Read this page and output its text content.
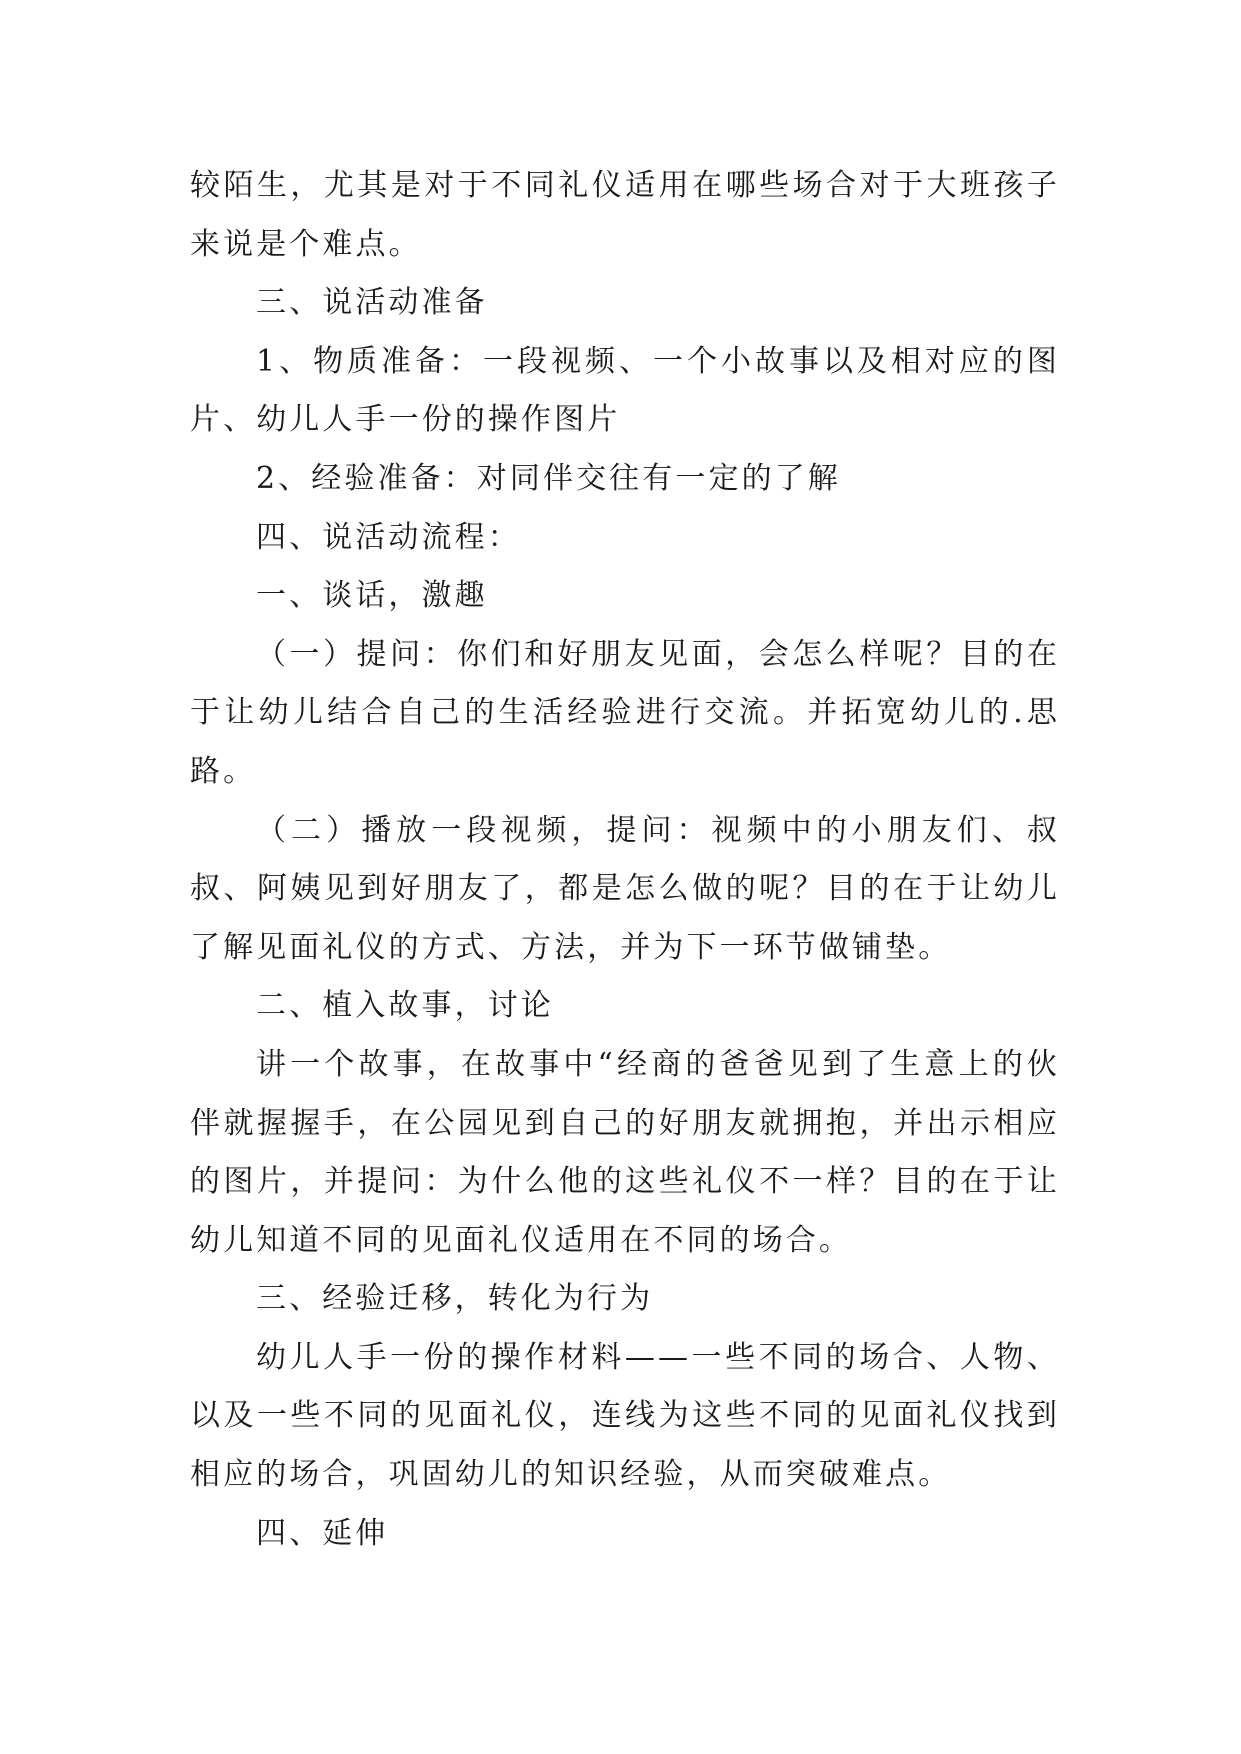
较陌生，尤其是对于不同礼仪适用在哪些场合对于大班孩子来说是个难点。

三、说活动准备

1、物质准备：一段视频、一个小故事以及相对应的图片、幼儿人手一份的操作图片

2、经验准备：对同伴交往有一定的了解

四、说活动流程：

一、谈话，激趣

（一）提问：你们和好朋友见面，会怎么样呢？目的在于让幼儿结合自己的生活经验进行交流。并拓宽幼儿的.思路。

（二）播放一段视频，提问：视频中的小朋友们、叔叔、阿姨见到好朋友了，都是怎么做的呢？目的在于让幼儿了解见面礼仪的方式、方法，并为下一环节做铺垫。

二、植入故事，讨论

讲一个故事，在故事中“经商的爸爸见到了生意上的伙伴就握握手，在公园见到自己的好朋友就拥抱，并出示相应的图片，并提问：为什么他的这些礼仪不一样？目的在于让幼儿知道不同的见面礼仪适用在不同的场合。

三、经验迁移，转化为行为

幼儿人手一份的操作材料——一些不同的场合、人物、以及一些不同的见面礼仪，连线为这些不同的见面礼仪找到相应的场合，巩固幼儿的知识经验，从而突破难点。

四、延伸
